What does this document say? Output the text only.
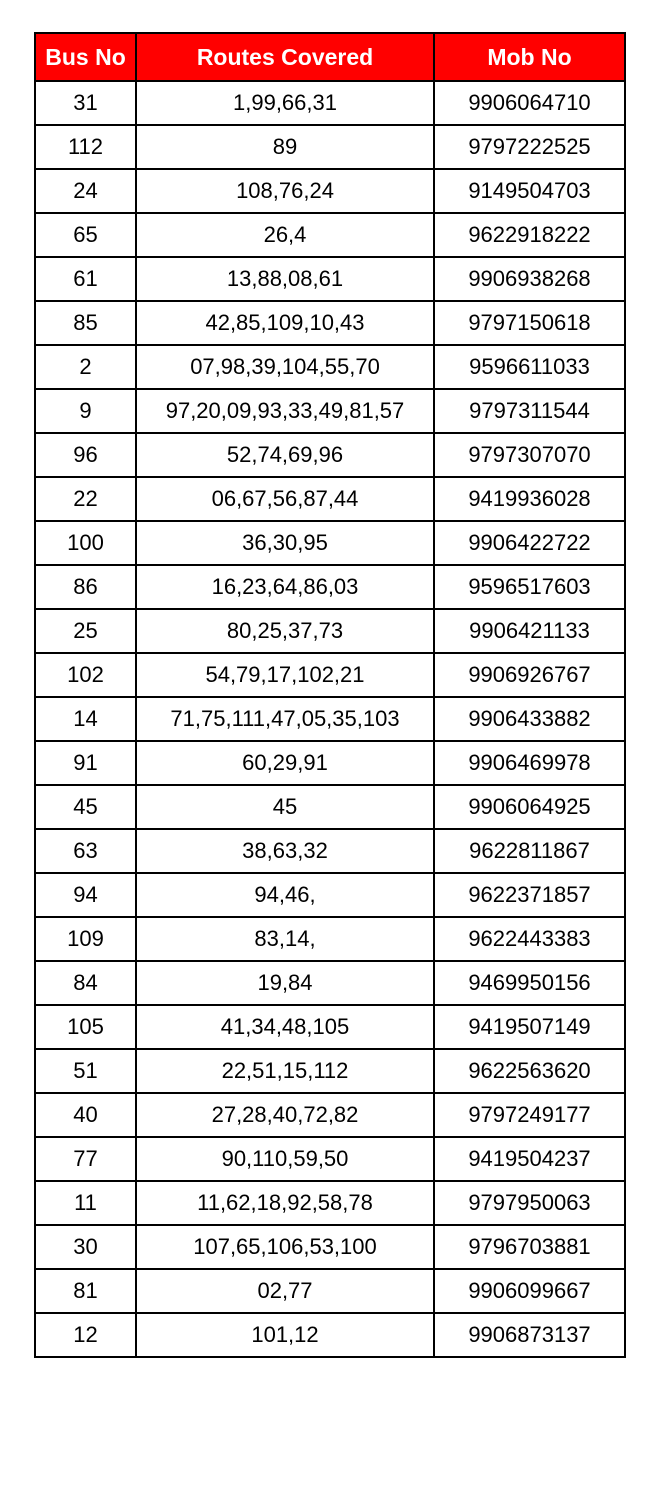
Bus No	Routes Covered	Mob No
31	1,99,66,31	9906064710
112	89	9797222525
24	108,76,24	9149504703
65	26,4	9622918222
61	13,88,08,61	9906938268
85	42,85,109,10,43	9797150618
2	07,98,39,104,55,70	9596611033
9	97,20,09,93,33,49,81,57	9797311544
96	52,74,69,96	9797307070
22	06,67,56,87,44	9419936028
100	36,30,95	9906422722
86	16,23,64,86,03	9596517603
25	80,25,37,73	9906421133
102	54,79,17,102,21	9906926767
14	71,75,111,47,05,35,103	9906433882
91	60,29,91	9906469978
45	45	9906064925
63	38,63,32	9622811867
94	94,46,	9622371857
109	83,14,	9622443383
84	19,84	9469950156
105	41,34,48,105	9419507149
51	22,51,15,112	9622563620
40	27,28,40,72,82	9797249177
77	90,110,59,50	9419504237
11	11,62,18,92,58,78	9797950063
30	107,65,106,53,100	9796703881
81	02,77	9906099667
12	101,12	9906873137
